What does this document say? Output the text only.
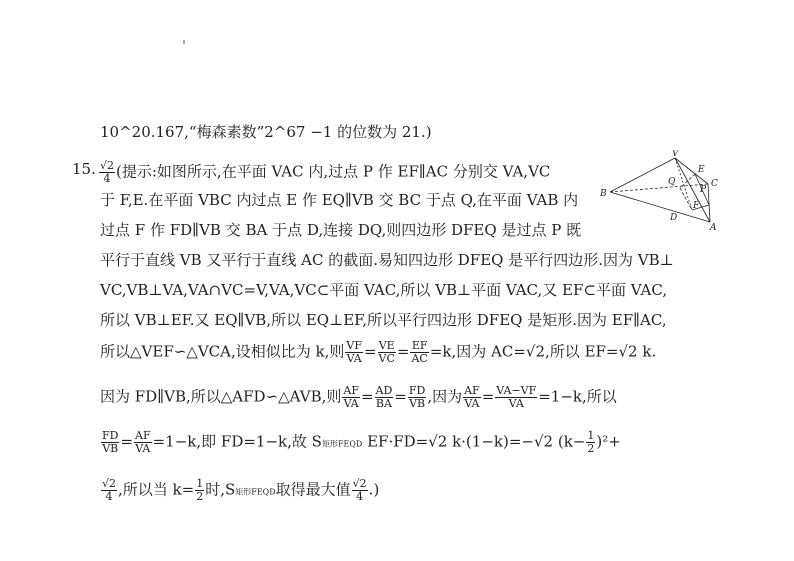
10^20.167,“梅森素数”2^67 −1 的位数为 21.)
15. $\frac{√2}{4}$ (提示:如图所示,在平面 VAC 内,过点 P 作 EF∥AC 分别交 VA,VC
于 F,E.在平面 VBC 内过点 E 作 EQ∥VB 交 BC 于点 Q,在平面 VAB 内
过点 F 作 FD∥VB 交 BA 于点 D,连接 DQ,则四边形 DFEQ 是过点 P 既
平行于直线 VB 又平行于直线 AC 的截面.易知四边形 DFEQ 是平行四边形.因为 VB⊥
VC,VB⊥VA,VA∩VC=V,VA,VC⊂平面 VAC,所以 VB⊥平面 VAC,又 EF⊂平面 VAC,
所以 VB⊥EF.又 EQ∥VB,所以 EQ⊥EF,所以平行四边形 DFEQ 是矩形.因为 EF∥AC,
所以△VEF∽△VCA,设相似比为 k,则 $\frac{VF}{VA} = \frac{VE}{VC} = \frac{EF}{AC} =k$,因为 AC=√2,所以 EF=√2 k.
因为 FD∥VB,所以△AFD∽△AVB,则 $\frac{AF}{VA} = \frac{AD}{BA} = \frac{FD}{VB}$ ,因为 $\frac{AF}{VA} = \frac{VA-VF}{VA} =1-k$,所以
$\frac{FD}{VB} = \frac{AF}{VA} =1-k$,即 FD=1−k,故 S矩形FEQD EF·FD=√2 k·(1−k)=−√2 $(k- \frac{1}{2} )^2+$
$\frac{√2}{4}$ ,所以当 $k= \frac{1}{2}$ 时,S矩形FEQD取得最大值 $\frac{√2}{4}$ .)
V
E
C
B
Q
P
F
D
A
